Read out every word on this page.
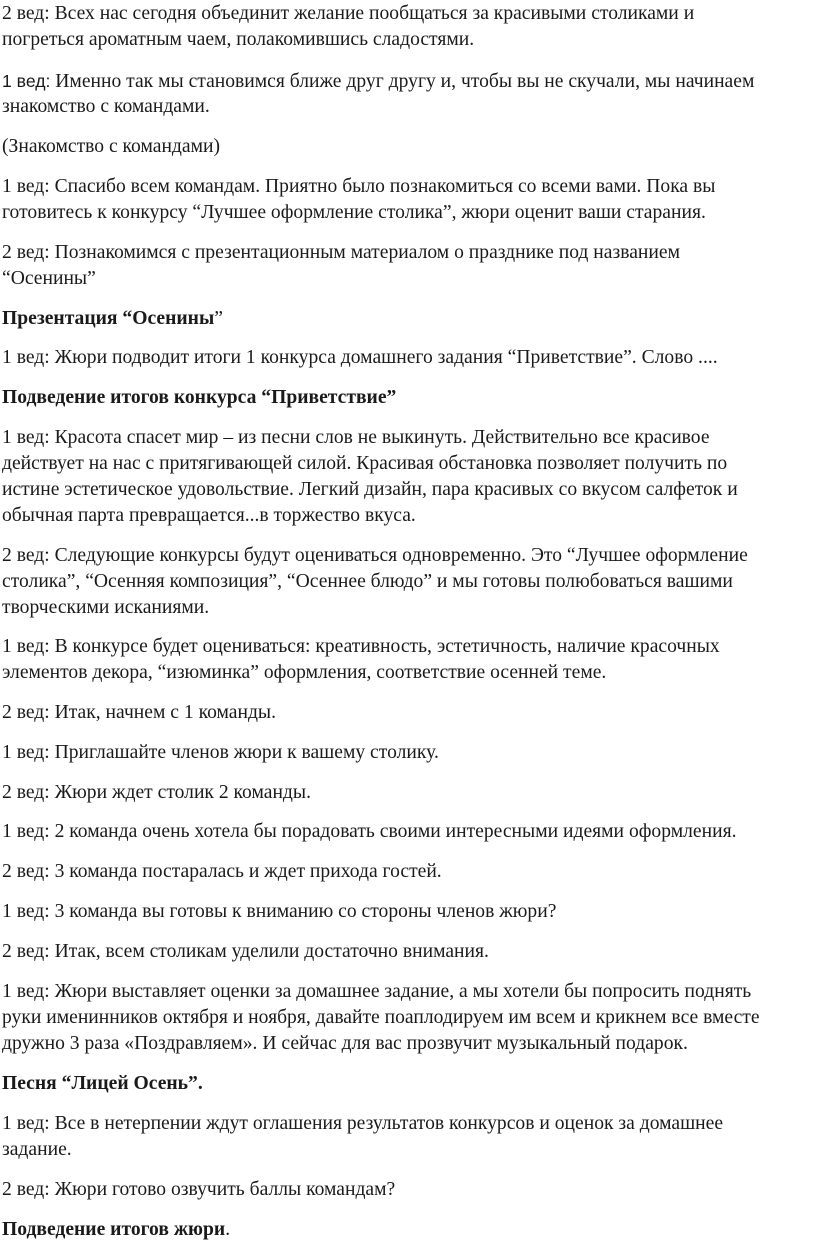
2 вед: Всех нас сегодня объединит желание пообщаться за красивыми столиками и

погреться ароматным чаем, полакомившись сладостями.

1 вед: Именно так мы становимся ближе друг другу и, чтобы вы не скучали, мы начинаем

знакомство с командами.

(Знакомство с командами)

1 вед: Спасибо всем командам. Приятно было познакомиться со всеми вами. Пока вы

готовитесь к конкурсу “Лучшее оформление столика”, жюри оценит ваши старания.

2 вед: Познакомимся с презентационным материалом о празднике под названием

“Осенины”

Презентация “Осенины”

1 вед: Жюри подводит итоги 1 конкурса домашнего задания “Приветствие”. Слово ....

Подведение итогов конкурса “Приветствие”

1 вед: Красота спасет мир – из песни слов не выкинуть. Действительно все красивое

действует на нас с притягивающей силой. Красивая обстановка позволяет получить по

истине эстетическое удовольствие. Легкий дизайн, пара красивых со вкусом салфеток и

обычная парта превращается...в торжество вкуса.

2 вед: Следующие конкурсы будут оцениваться одновременно. Это “Лучшее оформление

столика”, “Осенняя композиция”, “Осеннее блюдо” и мы готовы полюбоваться вашими

творческими исканиями.

1 вед: В конкурсе будет оцениваться: креативность, эстетичность, наличие красочных

элементов декора, “изюминка” оформления, соответствие осенней теме.

2 вед: Итак, начнем с 1 команды.

1 вед: Приглашайте членов жюри к вашему столику.

2 вед: Жюри ждет столик 2 команды.

1 вед: 2 команда очень хотела бы порадовать своими интересными идеями оформления.

2 вед: 3 команда постаралась и ждет прихода гостей.

1 вед: 3 команда вы готовы к вниманию со стороны членов жюри?

2 вед: Итак, всем столикам уделили достаточно внимания.

1 вед: Жюри выставляет оценки за домашнее задание, а мы хотели бы попросить поднять

руки именинников октября и ноября, давайте поаплодируем им всем и крикнем все вместе

дружно 3 раза «Поздравляем». И сейчас для вас прозвучит музыкальный подарок.

Песня “Лицей Осень”.

1 вед: Все в нетерпении ждут оглашения результатов конкурсов и оценок за домашнее

задание.

2 вед: Жюри готово озвучить баллы командам?

Подведение итогов жюри.
